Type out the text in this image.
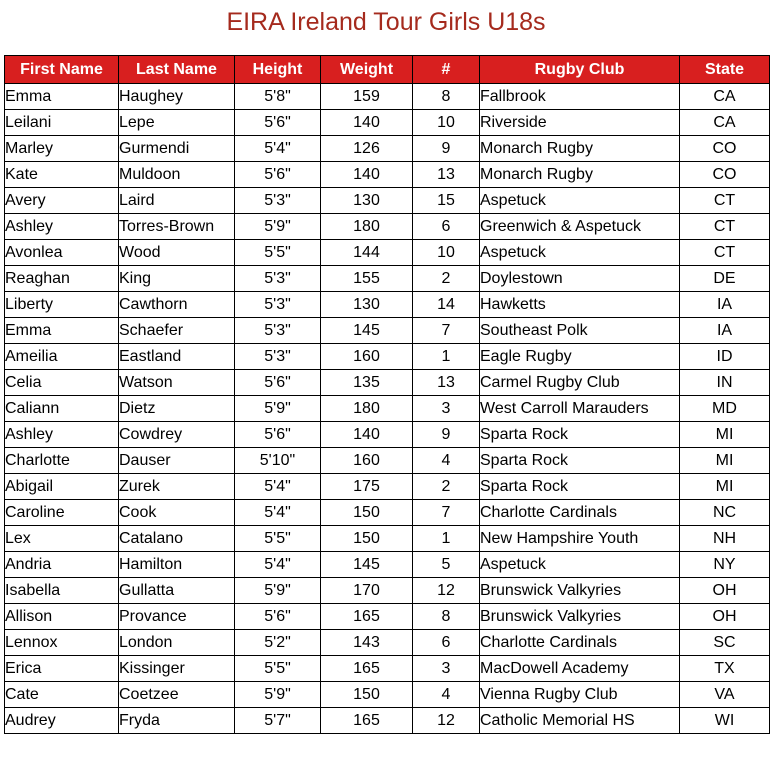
EIRA Ireland Tour Girls U18s
First Name	Last Name	Height	Weight	#	Rugby Club	State
Emma	Haughey	5'8"	159	8	Fallbrook	CA
Leilani	Lepe	5'6"	140	10	Riverside	CA
Marley	Gurmendi	5'4"	126	9	Monarch Rugby	CO
Kate	Muldoon	5'6"	140	13	Monarch Rugby	CO
Avery	Laird	5'3"	130	15	Aspetuck	CT
Ashley	Torres-Brown	5'9"	180	6	Greenwich & Aspetuck	CT
Avonlea	Wood	5'5"	144	10	Aspetuck	CT
Reaghan	King	5'3"	155	2	Doylestown	DE
Liberty	Cawthorn	5'3"	130	14	Hawketts	IA
Emma	Schaefer	5'3"	145	7	Southeast Polk	IA
Ameilia	Eastland	5'3"	160	1	Eagle Rugby	ID
Celia	Watson	5'6"	135	13	Carmel Rugby Club	IN
Caliann	Dietz	5'9"	180	3	West Carroll Marauders	MD
Ashley	Cowdrey	5'6"	140	9	Sparta Rock	MI
Charlotte	Dauser	5'10"	160	4	Sparta Rock	MI
Abigail	Zurek	5'4"	175	2	Sparta Rock	MI
Caroline	Cook	5'4"	150	7	Charlotte Cardinals	NC
Lex	Catalano	5'5"	150	1	New Hampshire Youth	NH
Andria	Hamilton	5'4"	145	5	Aspetuck	NY
Isabella	Gullatta	5'9"	170	12	Brunswick Valkyries	OH
Allison	Provance	5'6"	165	8	Brunswick Valkyries	OH
Lennox	London	5'2"	143	6	Charlotte Cardinals	SC
Erica	Kissinger	5'5"	165	3	MacDowell Academy	TX
Cate	Coetzee	5'9"	150	4	Vienna Rugby Club	VA
Audrey	Fryda	5'7"	165	12	Catholic Memorial HS	WI
